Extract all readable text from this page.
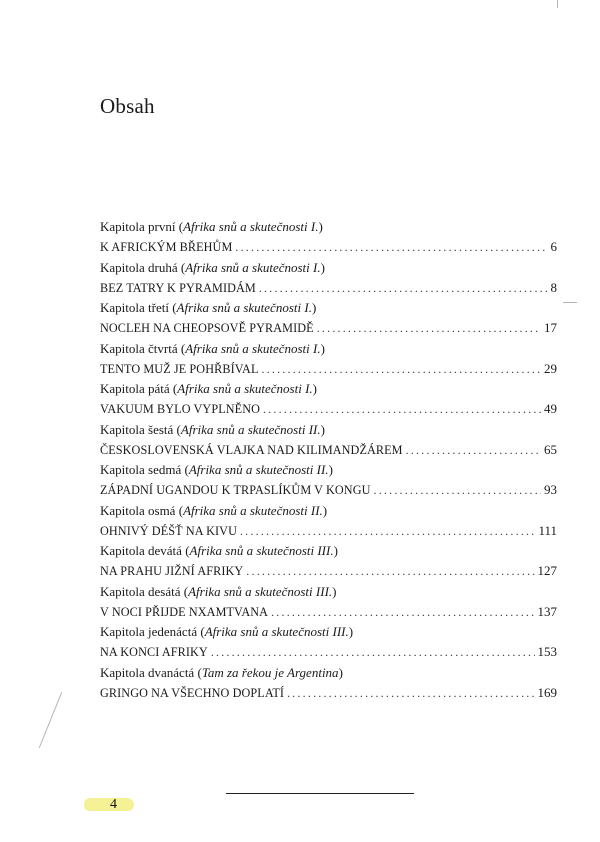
Obsah
Kapitola první (Afrika snů a skutečnosti I.)
K AFRICKÝM BŘEHŮM .....	6
Kapitola druhá (Afrika snů a skutečnosti I.)
BEZ TATRY K PYRAMIDÁM .....	8
Kapitola třetí (Afrika snů a skutečnosti I.)
NOCLEH NA CHEOPSOVĚ PYRAMIDĚ .....	17
Kapitola čtvrtá (Afrika snů a skutečnosti I.)
TENTO MUŽ JE POHŘBÍVAL .....	29
Kapitola pátá (Afrika snů a skutečnosti I.)
VAKUUM BYLO VYPLNĚNO .....	49
Kapitola šestá (Afrika snů a skutečnosti II.)
ČESKOSLOVENSKÁ VLAJKA NAD KILIMANDŽÁREM .....	65
Kapitola sedmá (Afrika snů a skutečnosti II.)
ZÁPADNÍ UGANDOU K TRPASLÍKŮM V KONGU .....	93
Kapitola osmá (Afrika snů a skutečnosti II.)
OHNIVÝ DÉŠŤ NA KIVU .....	111
Kapitola devátá (Afrika snů a skutečnosti III.)
NA PRAHU JIŽNÍ AFRIKY .....	127
Kapitola desátá (Afrika snů a skutečnosti III.)
V NOCI PŘIJDE NXAMTVANA .....	137
Kapitola jedenáctá (Afrika snů a skutečnosti III.)
NA KONCI AFRIKY .....	153
Kapitola dvanáctá (Tam za řekou je Argentina)
GRINGO NA VŠECHNO DOPLATÍ .....	169
4
